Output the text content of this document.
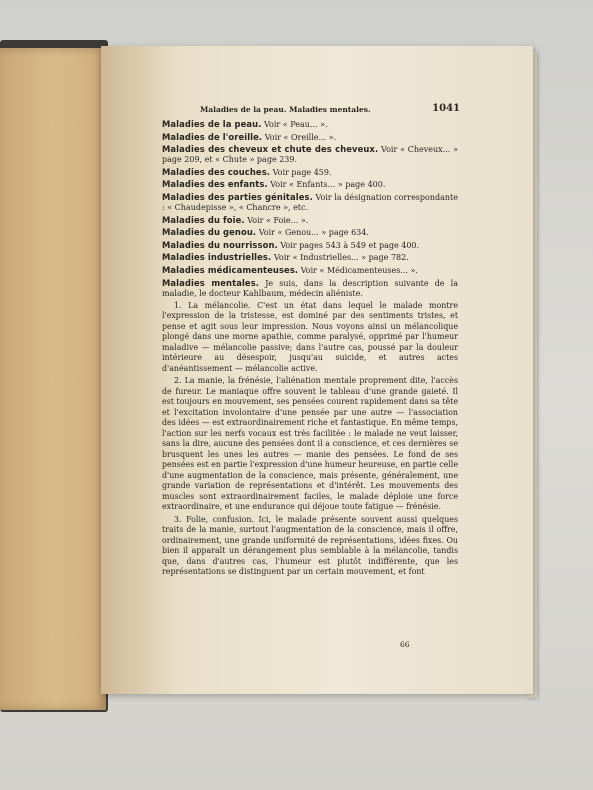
Maladies de la peau. Maladies mentales.	1041

Maladies de la peau. Voir « Peau... ».

Maladies de l'oreille. Voir « Oreille... ».

Maladies des cheveux et chute des cheveux. Voir « Cheveux... » page 209, et « Chute » page 239.

Maladies des couches. Voir page 459.

Maladies des enfants. Voir « Enfants... » page 400.

Maladies des parties génitales. Voir la désignation correspondante : « Chaudepisse », « Chancre », etc.

Maladies du foie. Voir « Foie... ».

Maladies du genou. Voir « Genou... » page 634.

Maladies du nourrisson. Voir pages 543 à 549 et page 400.

Maladies industrielles. Voir « Industrielles... » page 782.

Maladies médicamenteuses. Voir « Médicamenteuses... ».

Maladies mentales. Je suis, dans la description suivante de la maladie, le docteur Kahlbaum, médecin aliéniste.

1. La mélancolie. C'est un état dans lequel le malade montre l'expression de la tristesse, est dominé par des sentiments tristes, et pense et agit sous leur impression. Nous voyons ainsi un mélancolique plongé dans une morne apathie, comme paralysé, opprimé par l'humeur maladive — mélancolie passive; dans l'autre cas, poussé par la douleur intérieure au désespoir, jusqu'au suicide, et autres actes d'anéantissement — mélancolie active.

2. La manie, la frénésie, l'aliénation mentale proprement dite, l'accès de fureur. Le maniaque offre souvent le tableau d'une grande gaieté. Il est toujours en mouvement, ses pensées courent rapidement dans sa tête et l'excitation involontaire d'une pensée par une autre — l'association des idées — est extraordinairement riche et fantastique. En même temps, l'action sur les nerfs vocaux est très facilitée : le malade ne veut laisser, sans la dire, aucune des pensées dont il a conscience, et ces dernières se brusquent les unes les autres — manie des pensées. Le fond de ses pensées est en partie l'expression d'une humeur heureuse, en partie celle d'une augmentation de la conscience, mais présente, généralement, une grande variation de représentations et d'intérêt. Les mouvements des muscles sont extraordinairement faciles, le malade déploie une force extraordinaire, et une endurance qui déjoue toute fatigue — frénésie.

3. Folie, confusion. Ici, le malade présente souvent aussi quelques traits de la manie, surtout l'augmentation de la conscience, mais il offre, ordinairement, une grande uniformité de représentations, idées fixes. Ou bien il apparaît un dérangement plus semblable à la mélancolie, tandis que, dans d'autres cas, l'humeur est plutôt indifférente, que les représentations se distinguent par un certain mouvement, et font

66
